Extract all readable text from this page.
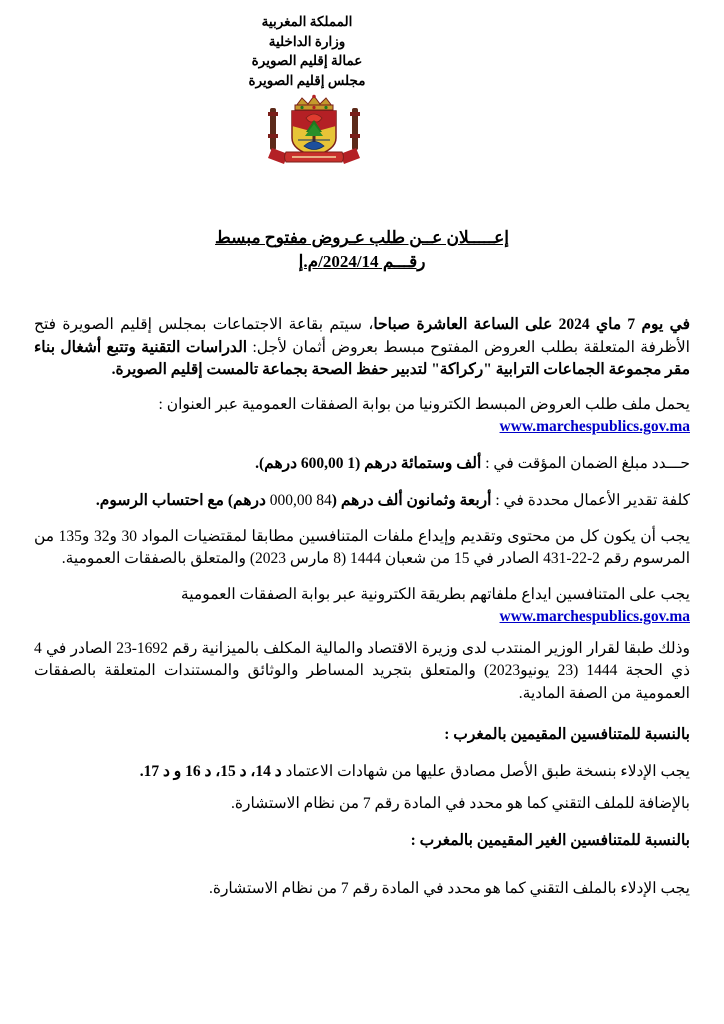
المملكة المغربية
وزارة الداخلية
عمالة إقليم الصويرة
مجلس إقليم الصويرة
إعـــــلان عــن طلب عـروض مفتوح مبسط
رقـــم 2024/14/م.إ

في يوم 7 ماي 2024 على الساعة العاشرة صباحا، سيتم بقاعة الاجتماعات بمجلس إقليم الصويرة فتح الأظرفة المتعلقة بطلب العروض المفتوح مبسط بعروض أثمان لأجل: الدراسات التقنية وتتبع أشغال بناء مقر مجموعة الجماعات الترابية "ركراكة" لتدبير حفظ الصحة بجماعة تالمست إقليم الصويرة.

يحمل ملف طلب العروض المبسط الكترونيا من بوابة الصفقات العمومية عبر العنوان : www.marchespublics.gov.ma

حـــدد مبلغ الضمان المؤقت في : ألف وستمائة درهم (1 600,00 درهم).

كلفة تقدير الأعمال محددة في : أربعة وثمانون ألف درهم (84 000,00 درهم) مع احتساب الرسوم.

يجب أن يكون كل من محتوى وتقديم وإيداع ملفات المتنافسين مطابقا لمقتضيات المواد 30 و32 و135 من المرسوم رقم 2-22-431 الصادر في 15 من شعبان 1444 (8 مارس 2023) والمتعلق بالصفقات العمومية.

يجب على المتنافسين ايداع ملفاتهم بطريقة الكترونية عبر بوابة الصفقات العمومية www.marchespublics.gov.ma

وذلك طبقا لقرار الوزير المنتدب لدى وزيرة الاقتصاد والمالية المكلف بالميزانية رقم 1692-23 الصادر في 4 ذي الحجة 1444 (23 يونيو2023) والمتعلق بتجريد المساطر والوثائق والمستندات المتعلقة بالصفقات العمومية من الصفة المادية.

بالنسبة للمتنافسين المقيمين بالمغرب :

يجب الإدلاء بنسخة طبق الأصل مصادق عليها من شهادات الاعتماد د 14، د 15، د 16 و د 17.

بالإضافة للملف التقني كما هو محدد في المادة رقم 7 من نظام الاستشارة.

بالنسبة للمتنافسين الغير المقيمين بالمغرب :

يجب الإدلاء بالملف التقني كما هو محدد في المادة رقم 7 من نظام الاستشارة.
